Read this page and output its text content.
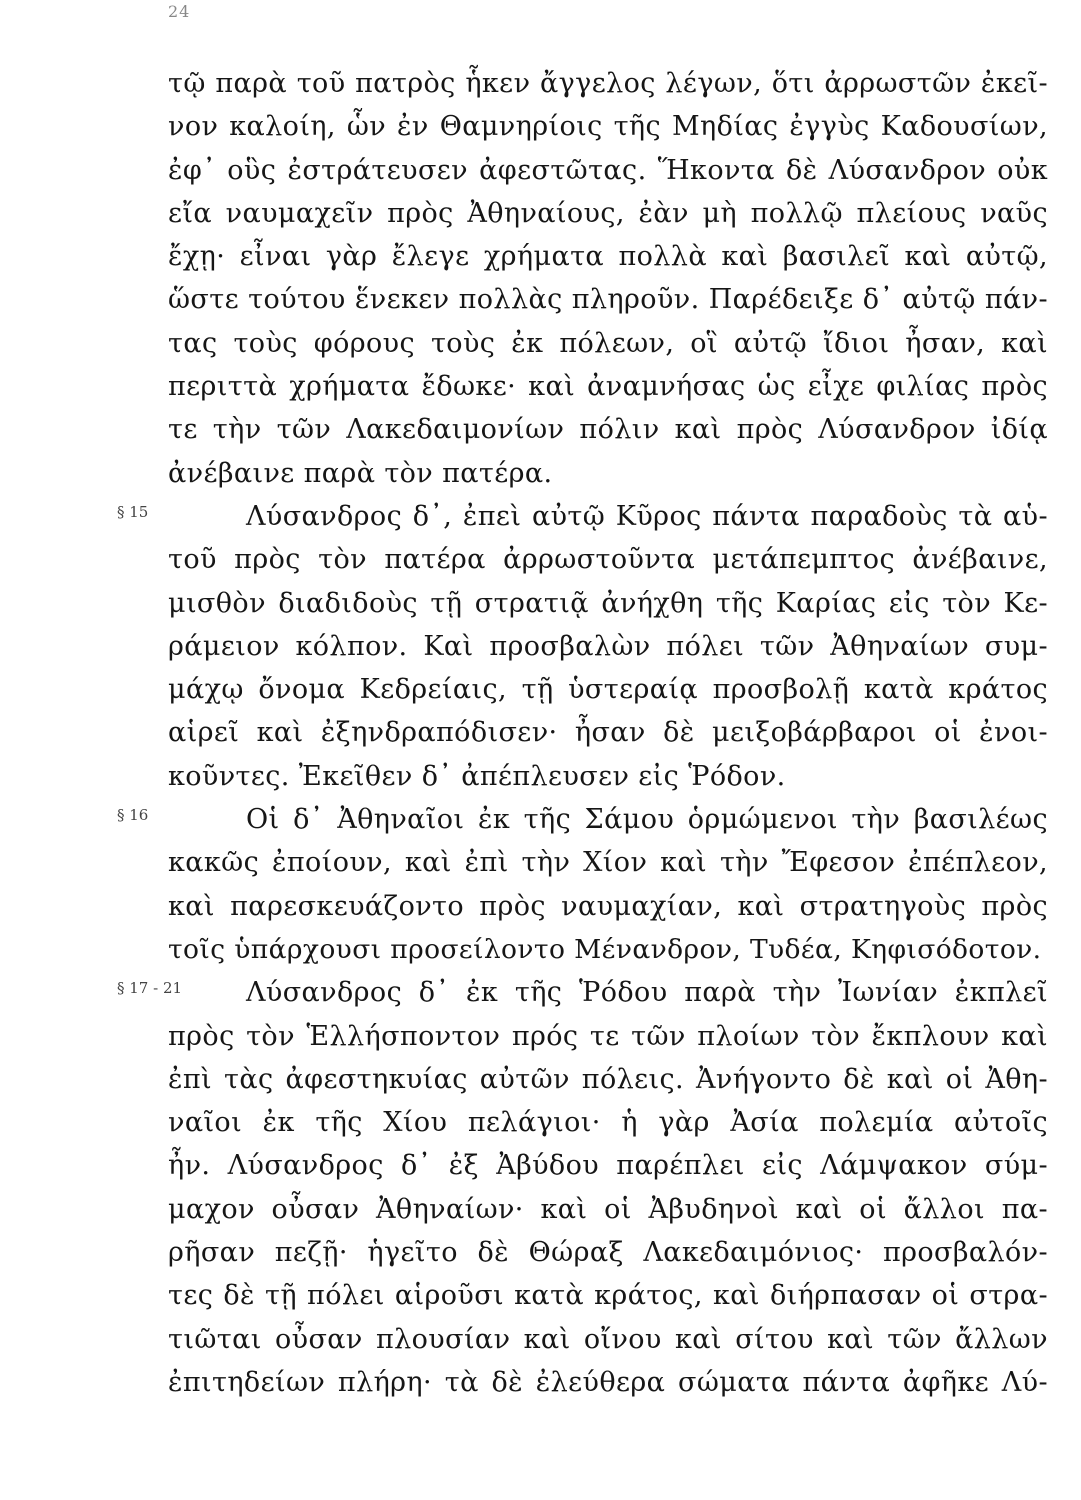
24
§ 15
§ 16
§ 17 - 21
τῷ παρὰ τοῦ πατρὸς ἧκεν ἄγγελος λέγων, ὅτι ἀρρωστῶν ἐκεῖ-
νον καλοίη, ὧν ἐν Θαμνηρίοις τῆς Μηδίας ἐγγὺς Καδουσίων,
ἐφ᾽ οὓς ἐστράτευσεν ἀφεστῶτας. Ἥκοντα δὲ Λύσανδρον οὐκ
εἴα ναυμαχεῖν πρὸς Ἀθηναίους, ἐὰν μὴ πολλῷ πλείους ναῦς
ἔχῃ· εἶναι γὰρ ἔλεγε χρήματα πολλὰ καὶ βασιλεῖ καὶ αὐτῷ,
ὥστε τούτου ἕνεκεν πολλὰς πληροῦν. Παρέδειξε δ᾽ αὐτῷ πάν-
τας τοὺς φόρους τοὺς ἐκ πόλεων, οἳ αὐτῷ ἴδιοι ἦσαν, καὶ
περιττὰ χρήματα ἔδωκε· καὶ ἀναμνήσας ὡς εἶχε φιλίας πρὸς
τε τὴν τῶν Λακεδαιμονίων πόλιν καὶ πρὸς Λύσανδρον ἰδίᾳ
ἀνέβαινε παρὰ τὸν πατέρα.
Λύσανδρος δ᾽, ἐπεὶ αὐτῷ Κῦρος πάντα παραδοὺς τὰ αὑ-
τοῦ πρὸς τὸν πατέρα ἀρρωστοῦντα μετάπεμπτος ἀνέβαινε,
μισθὸν διαδιδοὺς τῇ στρατιᾷ ἀνήχθη τῆς Καρίας εἰς τὸν Κε-
ράμειον κόλπον. Καὶ προσβαλὼν πόλει τῶν Ἀθηναίων συμ-
μάχῳ ὄνομα Κεδρείαις, τῇ ὑστεραίᾳ προσβολῇ κατὰ κράτος
αἱρεῖ καὶ ἐξηνδραπόδισεν· ἦσαν δὲ μειξοβάρβαροι οἱ ἐνοι-
κοῦντες. Ἐκεῖθεν δ᾽ ἀπέπλευσεν εἰς Ῥόδον.
Οἱ δ᾽ Ἀθηναῖοι ἐκ τῆς Σάμου ὁρμώμενοι τὴν βασιλέως
κακῶς ἐποίουν, καὶ ἐπὶ τὴν Χίον καὶ τὴν Ἔφεσον ἐπέπλεον,
καὶ παρεσκευάζοντο πρὸς ναυμαχίαν, καὶ στρατηγοὺς πρὸς
τοῖς ὑπάρχουσι προσείλοντο Μένανδρον, Τυδέα, Κηφισόδοτον.
Λύσανδρος δ᾽ ἐκ τῆς Ῥόδου παρὰ τὴν Ἰωνίαν ἐκπλεῖ
πρὸς τὸν Ἑλλήσποντον πρός τε τῶν πλοίων τὸν ἔκπλουν καὶ
ἐπὶ τὰς ἀφεστηκυίας αὐτῶν πόλεις. Ἀνήγοντο δὲ καὶ οἱ Ἀθη-
ναῖοι ἐκ τῆς Χίου πελάγιοι· ἡ γὰρ Ἀσία πολεμία αὐτοῖς
ἦν. Λύσανδρος δ᾽ ἐξ Ἀβύδου παρέπλει εἰς Λάμψακον σύμ-
μαχον οὖσαν Ἀθηναίων· καὶ οἱ Ἀβυδηνοὶ καὶ οἱ ἄλλοι πα-
ρῆσαν πεζῇ· ἡγεῖτο δὲ Θώραξ Λακεδαιμόνιος· προσβαλόν-
τες δὲ τῇ πόλει αἱροῦσι κατὰ κράτος, καὶ διήρπασαν οἱ στρα-
τιῶται οὖσαν πλουσίαν καὶ οἴνου καὶ σίτου καὶ τῶν ἄλλων
ἐπιτηδείων πλήρη· τὰ δὲ ἐλεύθερα σώματα πάντα ἀφῆκε Λύ-
